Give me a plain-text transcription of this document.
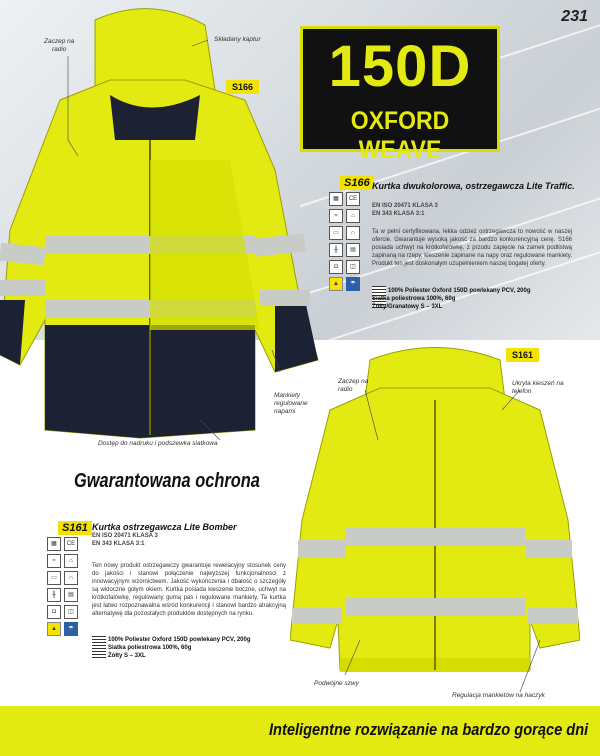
231
150D
OXFORD WEAVE
S166
Zaczep na
radio
Składany kaptur
Mankiety
regulowane
napami
Dostęp do nadruku i podszewka siatkowa
S166 Kurtka dwukolorowa, ostrzegawcza Lite Traffic.
EN ISO 20471 KLASA 3
EN 343 KLASA 3:1
▦	CE
≈	⌂
▭	∩
╫	▤
◘	◫
▲	☂
Ta w pełni certyfikowana, lekka odzież ostrzegawcza to nowość w naszej ofercie. Gwarantuje wysoką jakość za bardzo konkurencyjną cenę. S166 posiada uchwyt na krótkofalówkę, z przodu zapięcie na zamek podlistwą zapinaną na rzepy, kieszenie zapinane na napy oraz regulowane mankiety. Produkt ten jest doskonałym uzupełnieniem naszej bogatej oferty.
100% Poliester Oxford 150D powlekany PCV, 200g
Siatka poliestrowa 100%, 60g
Żółty/Granatowy S – 3XL
S161
Zaczep na
radio
Ukryta kieszeń na
telefon
Podwójne szwy
Regulacja mankietów na haczyk
Gwarantowana ochrona
S161 Kurtka ostrzegawcza Lite Bomber
EN ISO 20471 KLASA 3
EN 343 KLASA 3:1
▦	CE
≈	⌂
▭	∩
╫	▤
◘	◫
▲	☂
Ten nowy produkt ostrzegawczy gwarantuje rewelacyjny stosunek ceny do jakości i stanowi połączenie najwyższej funkcjonalności z innowacyjnym wzornictwem. Jakość wykończenia i dbałość o szczegóły są widoczne gołym okiem. Kurtka posiada kieszenie boczne, uchwyt na krótkofalówkę, regulowany gumą pas i regulowane mankiety. Ta kurtka jest łatwo rozpoznawalna wśród konkurencji i stanowi bardzo atrakcyjną alternatywę dla pozostałych produktów dostępnych na rynku.
100% Poliester Oxford 150D powlekany PCV, 200g
Siatka poliestrowa 100%, 60g
Żółty S – 3XL
Inteligentne rozwiązanie na bardzo gorące dni
